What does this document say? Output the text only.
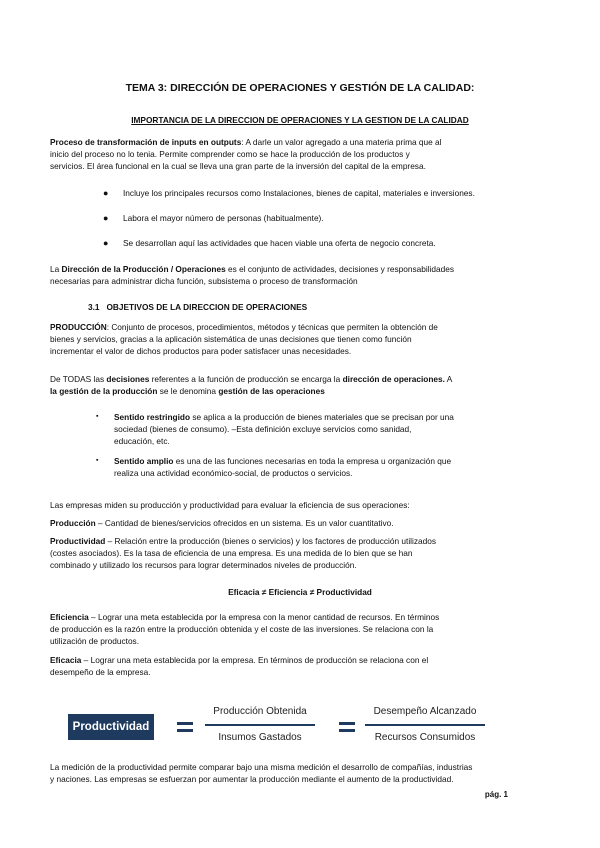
TEMA 3: DIRECCIÓN DE OPERACIONES Y GESTIÓN DE LA CALIDAD:
IMPORTANCIA DE LA DIRECCION DE OPERACIONES Y LA GESTION DE LA CALIDAD
Proceso de transformación de inputs en outputs: A darle un valor agregado a una materia prima que al
inicio del proceso no lo tenia. Permite comprender como se hace la producción de los productos y
servicios. El área funcional en la cual se lleva una gran parte de la inversión del capital de la empresa.
● Incluye los principales recursos como Instalaciones, bienes de capital, materiales e inversiones.
● Labora el mayor número de personas (habitualmente).
● Se desarrollan aquí las actividades que hacen viable una oferta de negocio concreta.
La Dirección de la Producción / Operaciones es el conjunto de actividades, decisiones y responsabilidades
necesarias para administrar dicha función, subsistema o proceso de transformación
3.1 OBJETIVOS DE LA DIRECCION DE OPERACIONES
PRODUCCIÓN: Conjunto de procesos, procedimientos, métodos y técnicas que permiten la obtención de
bienes y servicios, gracias a la aplicación sistemática de unas decisiones que tienen como función
incrementar el valor de dichos productos para poder satisfacer unas necesidades.
De TODAS las decisiones referentes a la función de producción se encarga la dirección de operaciones. A
la gestión de la producción se le denomina gestión de las operaciones
▪ Sentido restringido se aplica a la producción de bienes materiales que se precisan por una
sociedad (bienes de consumo). –Esta definición excluye servicios como sanidad,
educación, etc.
▪ Sentido amplio es una de las funciones necesarias en toda la empresa u organización que
realiza una actividad económico-social, de productos o servicios.
Las empresas miden su producción y productividad para evaluar la eficiencia de sus operaciones:
Producción – Cantidad de bienes/servicios ofrecidos en un sistema. Es un valor cuantitativo.
Productividad – Relación entre la producción (bienes o servicios) y los factores de producción utilizados
(costes asociados). Es la tasa de eficiencia de una empresa. Es una medida de lo bien que se han
combinado y utilizado los recursos para lograr determinados niveles de producción.
Eficacia ≠ Eficiencia ≠ Productividad
Eficiencia – Lograr una meta establecida por la empresa con la menor cantidad de recursos. En términos
de producción es la razón entre la producción obtenida y el coste de las inversiones. Se relaciona con la
utilización de productos.
Eficacia – Lograr una meta establecida por la empresa. En términos de producción se relaciona con el
desempeño de la empresa.
Productividad
Producción Obtenida
Insumos Gastados
Desempeño Alcanzado
Recursos Consumidos
La medición de la productividad permite comparar bajo una misma medición el desarrollo de compañías, industrias
y naciones. Las empresas se esfuerzan por aumentar la producción mediante el aumento de la productividad.
pág. 1
